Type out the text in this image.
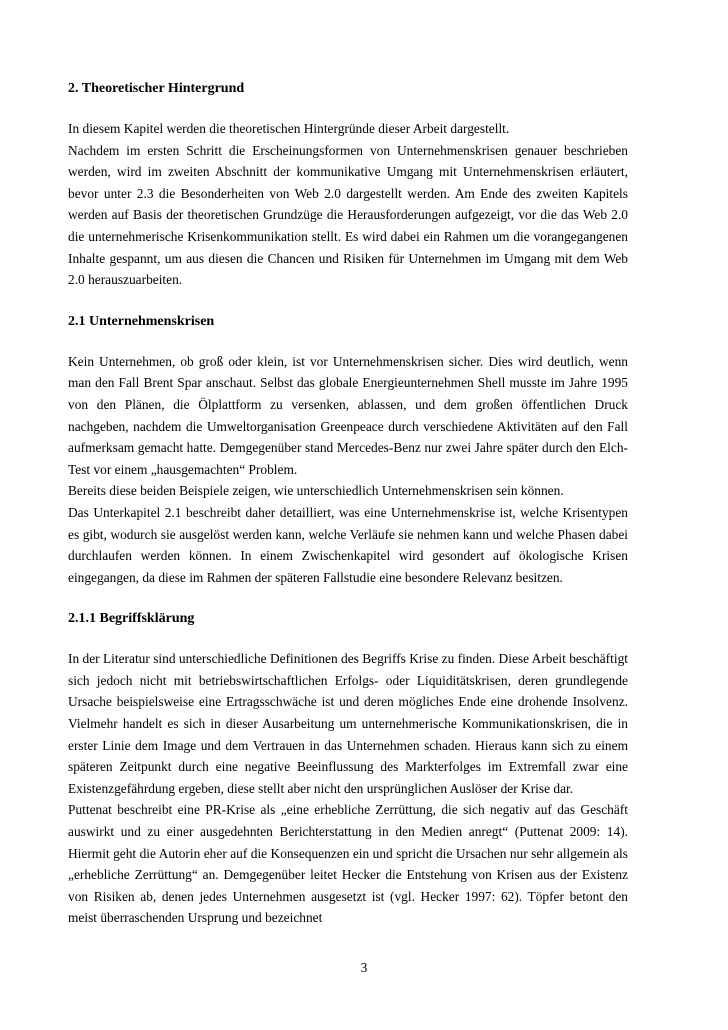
2. Theoretischer Hintergrund

In diesem Kapitel werden die theoretischen Hintergründe dieser Arbeit dargestellt.

Nachdem im ersten Schritt die Erscheinungsformen von Unternehmenskrisen genauer beschrieben werden, wird im zweiten Abschnitt der kommunikative Umgang mit Unternehmenskrisen erläutert, bevor unter 2.3 die Besonderheiten von Web 2.0 dargestellt werden. Am Ende des zweiten Kapitels werden auf Basis der theoretischen Grundzüge die Herausforderungen aufgezeigt, vor die das Web 2.0 die unternehmerische Krisenkommunikation stellt. Es wird dabei ein Rahmen um die vorangegangenen Inhalte gespannt, um aus diesen die Chancen und Risiken für Unternehmen im Umgang mit dem Web 2.0 herauszuarbeiten.

2.1 Unternehmenskrisen

Kein Unternehmen, ob groß oder klein, ist vor Unternehmenskrisen sicher. Dies wird deutlich, wenn man den Fall Brent Spar anschaut. Selbst das globale Energieunternehmen Shell musste im Jahre 1995 von den Plänen, die Ölplattform zu versenken, ablassen, und dem großen öffentlichen Druck nachgeben, nachdem die Umweltorganisation Greenpeace durch verschiedene Aktivitäten auf den Fall aufmerksam gemacht hatte. Demgegenüber stand Mercedes-Benz nur zwei Jahre später durch den Elch-Test vor einem „hausgemachten“ Problem.

Bereits diese beiden Beispiele zeigen, wie unterschiedlich Unternehmenskrisen sein können.

Das Unterkapitel 2.1 beschreibt daher detailliert, was eine Unternehmenskrise ist, welche Krisentypen es gibt, wodurch sie ausgelöst werden kann, welche Verläufe sie nehmen kann und welche Phasen dabei durchlaufen werden können. In einem Zwischenkapitel wird gesondert auf ökologische Krisen eingegangen, da diese im Rahmen der späteren Fallstudie eine besondere Relevanz besitzen.

2.1.1 Begriffsklärung

In der Literatur sind unterschiedliche Definitionen des Begriffs Krise zu finden. Diese Arbeit beschäftigt sich jedoch nicht mit betriebswirtschaftlichen Erfolgs- oder Liquiditätskrisen, deren grundlegende Ursache beispielsweise eine Ertragsschwäche ist und deren mögliches Ende eine drohende Insolvenz. Vielmehr handelt es sich in dieser Ausarbeitung um unternehmerische Kommunikationskrisen, die in erster Linie dem Image und dem Vertrauen in das Unternehmen schaden. Hieraus kann sich zu einem späteren Zeitpunkt durch eine negative Beeinflussung des Markterfolges im Extremfall zwar eine Existenzgefährdung ergeben, diese stellt aber nicht den ursprünglichen Auslöser der Krise dar.

Puttenat beschreibt eine PR-Krise als „eine erhebliche Zerrüttung, die sich negativ auf das Geschäft auswirkt und zu einer ausgedehnten Berichterstattung in den Medien anregt“ (Puttenat 2009: 14). Hiermit geht die Autorin eher auf die Konsequenzen ein und spricht die Ursachen nur sehr allgemein als „erhebliche Zerrüttung“ an. Demgegenüber leitet Hecker die Entstehung von Krisen aus der Existenz von Risiken ab, denen jedes Unternehmen ausgesetzt ist (vgl. Hecker 1997: 62). Töpfer betont den meist überraschenden Ursprung und bezeichnet

3
